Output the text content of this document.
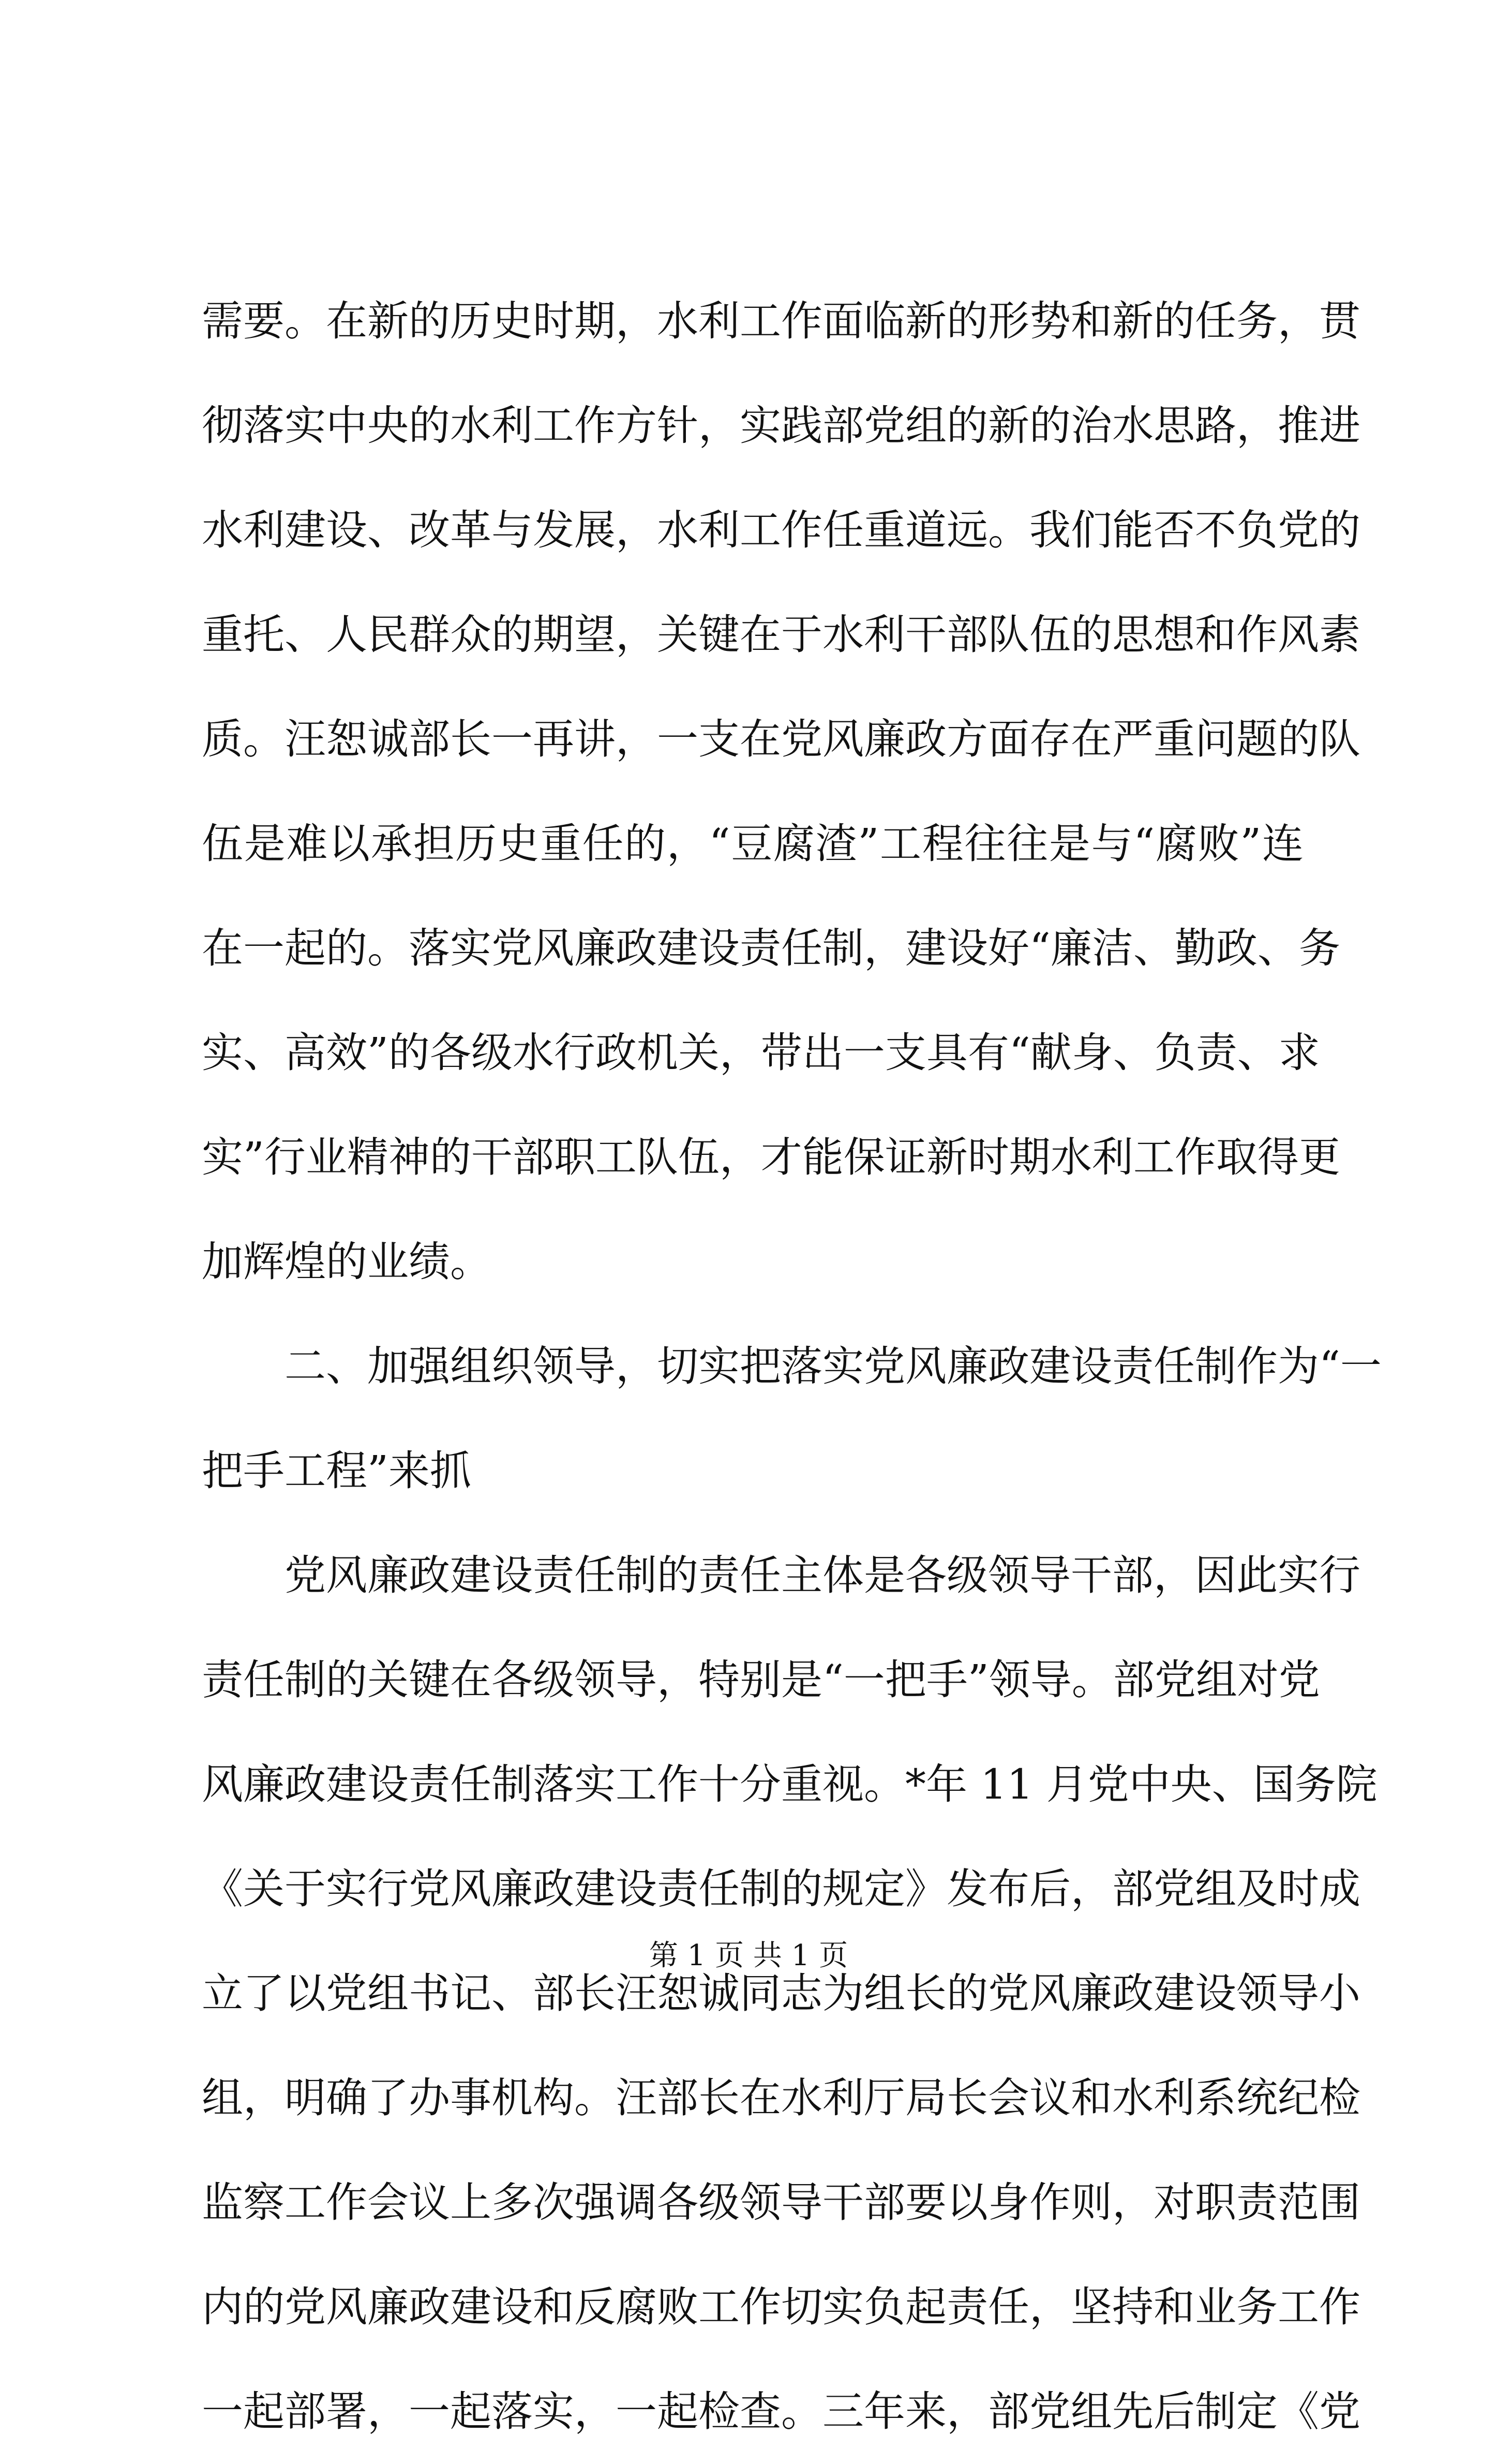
需要。在新的历史时期，水利工作面临新的形势和新的任务，贯
彻落实中央的水利工作方针，实践部党组的新的治水思路，推进
水利建设、改革与发展，水利工作任重道远。我们能否不负党的
重托、人民群众的期望，关键在于水利干部队伍的思想和作风素
质。汪恕诚部长一再讲，一支在党风廉政方面存在严重问题的队
伍是难以承担历史重任的，“豆腐渣”工程往往是与“腐败”连
在一起的。落实党风廉政建设责任制，建设好“廉洁、勤政、务
实、高效”的各级水行政机关，带出一支具有“献身、负责、求
实”行业精神的干部职工队伍，才能保证新时期水利工作取得更
加辉煌的业绩。
　　二、加强组织领导，切实把落实党风廉政建设责任制作为“一
把手工程”来抓
　　党风廉政建设责任制的责任主体是各级领导干部，因此实行
责任制的关键在各级领导，特别是“一把手”领导。部党组对党
风廉政建设责任制落实工作十分重视。*年 11 月党中央、国务院
《关于实行党风廉政建设责任制的规定》发布后，部党组及时成
立了以党组书记、部长汪恕诚同志为组长的党风廉政建设领导小
组，明确了办事机构。汪部长在水利厅局长会议和水利系统纪检
监察工作会议上多次强调各级领导干部要以身作则，对职责范围
内的党风廉政建设和反腐败工作切实负起责任，坚持和业务工作
一起部署，一起落实，一起检查。三年来，部党组先后制定《党
第 1 页 共 1 页
